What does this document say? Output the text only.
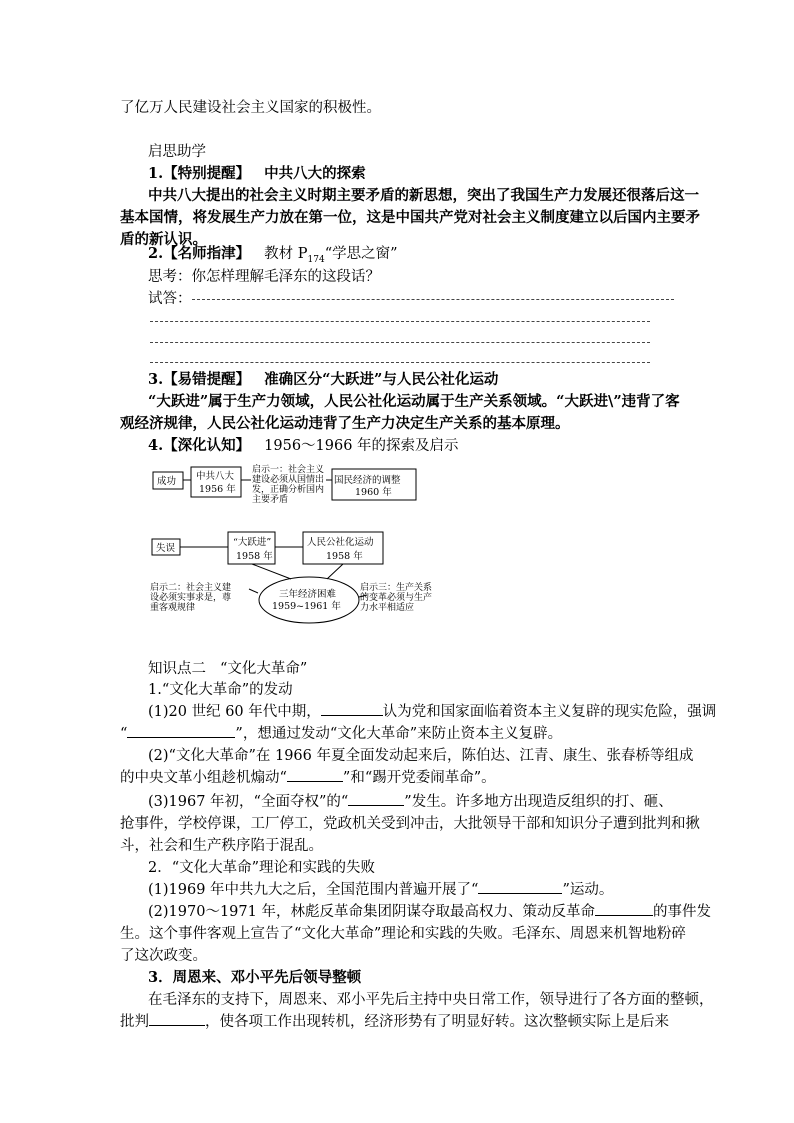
了亿万人民建设社会主义国家的积极性。
启思助学
1.【特别提醒】 中共八大的探索
中共八大提出的社会主义时期主要矛盾的新思想，突出了我国生产力发展还很落后这一
基本国情，将发展生产力放在第一位，这是中国共产党对社会主义制度建立以后国内主要矛
盾的新认识。
2.【名师指津】 教材 $P_{174}“$学思之窗”
思考：你怎样理解毛泽东的这段话？
试答：
3.【易错提醒】 准确区分“大跃进”与人民公社化运动
“大跃进”属于生产力领域，人民公社化运动属于生产关系领域。“大跃进\”违背了客
观经济规律，人民公社化运动违背了生产力决定生产关系的基本原理。
4.【深化认知】 1956～1966 年的探索及启示
成功
失误
中共八大
1956 年
国民经济的调整
1960 年
“大跃进”
1958 年
人民公社化运动
1958 年
三年经济困难
1959~1961 年
启示一：社会主义
建设必须从国情出
发，正确分析国内
主要矛盾
启示二：社会主义建
设必须实事求是，尊
重客观规律
启示三：生产关系
的变革必须与生产
力水平相适应
知识点二 “文化大革命”
1.“文化大革命”的发动
(1)20 世纪 60 年代中期，	认为党和国家面临着资本主义复辟的现实危险，强调
“	”，想通过发动“文化大革命”来防止资本主义复辟。
(2)“文化大革命”在 1966 年夏全面发动起来后，陈伯达、江青、康生、张春桥等组成
的中央文革小组趁机煽动“	”和“踢开党委闹革命”。
(3)1967 年初，“全面夺权”的“	”发生。许多地方出现造反组织的打、砸、
抢事件，学校停课，工厂停工，党政机关受到冲击，大批领导干部和知识分子遭到批判和揪
斗，社会和生产秩序陷于混乱。
2．“文化大革命”理论和实践的失败
(1)1969 年中共九大之后，全国范围内普遍开展了“	”运动。
(2)1970～1971 年，林彪反革命集团阴谋夺取最高权力、策动反革命	的事件发
生。这个事件客观上宣告了“文化大革命”理论和实践的失败。毛泽东、周恩来机智地粉碎
了这次政变。
3．周恩来、邓小平先后领导整顿
在毛泽东的支持下，周恩来、邓小平先后主持中央日常工作，领导进行了各方面的整顿，
批判	，使各项工作出现转机，经济形势有了明显好转。这次整顿实际上是后来
